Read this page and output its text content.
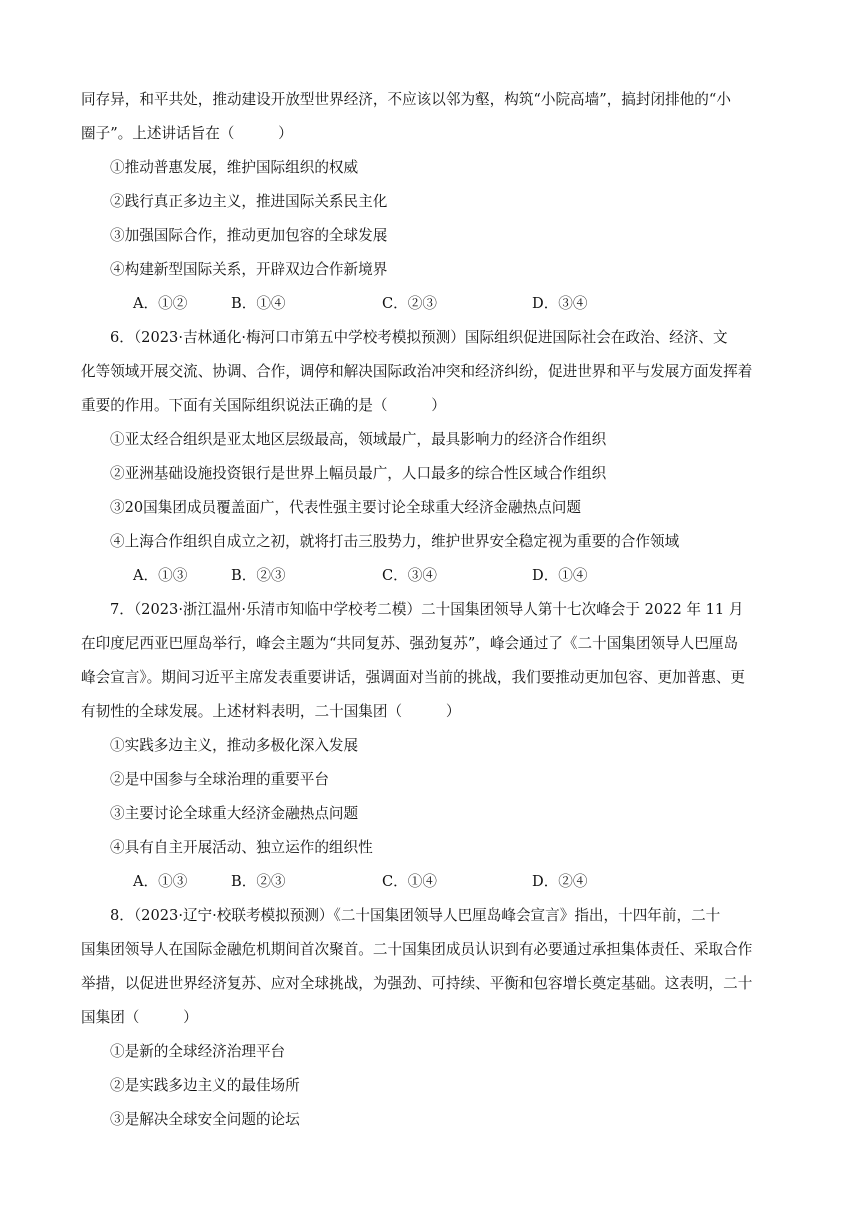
同存异，和平共处，推动建设开放型世界经济，不应该以邻为壑，构筑“小院高墙”，搞封闭排他的“小
圈子”。上述讲话旨在（　　　）
①推动普惠发展，维护国际组织的权威
②践行真正多边主义，推进国际关系民主化
③加强国际合作，推动更加包容的全球发展
④构建新型国际关系，开辟双边合作新境界
A．①②	B．①④	C．②③	D．③④
6．（2023·吉林通化·梅河口市第五中学校考模拟预测）国际组织促进国际社会在政治、经济、文
化等领域开展交流、协调、合作，调停和解决国际政治冲突和经济纠纷，促进世界和平与发展方面发挥着
重要的作用。下面有关国际组织说法正确的是（　　　）
①亚太经合组织是亚太地区层级最高，领域最广，最具影响力的经济合作组织
②亚洲基础设施投资银行是世界上幅员最广，人口最多的综合性区域合作组织
③20国集团成员覆盖面广，代表性强主要讨论全球重大经济金融热点问题
④上海合作组织自成立之初，就将打击三股势力，维护世界安全稳定视为重要的合作领域
A．①③	B．②③	C．③④	D．①④
7．（2023·浙江温州·乐清市知临中学校考二模）二十国集团领导人第十七次峰会于 2022 年 11 月
在印度尼西亚巴厘岛举行，峰会主题为“共同复苏、强劲复苏”，峰会通过了《二十国集团领导人巴厘岛
峰会宣言》。期间习近平主席发表重要讲话，强调面对当前的挑战，我们要推动更加包容、更加普惠、更
有韧性的全球发展。上述材料表明，二十国集团（　　　）
①实践多边主义，推动多极化深入发展
②是中国参与全球治理的重要平台
③主要讨论全球重大经济金融热点问题
④具有自主开展活动、独立运作的组织性
A．①③	B．②③	C．①④	D．②④
8．（2023·辽宁·校联考模拟预测）《二十国集团领导人巴厘岛峰会宣言》指出，十四年前，二十
国集团领导人在国际金融危机期间首次聚首。二十国集团成员认识到有必要通过承担集体责任、采取合作
举措，以促进世界经济复苏、应对全球挑战，为强劲、可持续、平衡和包容增长奠定基础。这表明，二十
国集团（　　　）
①是新的全球经济治理平台
②是实践多边主义的最佳场所
③是解决全球安全问题的论坛
